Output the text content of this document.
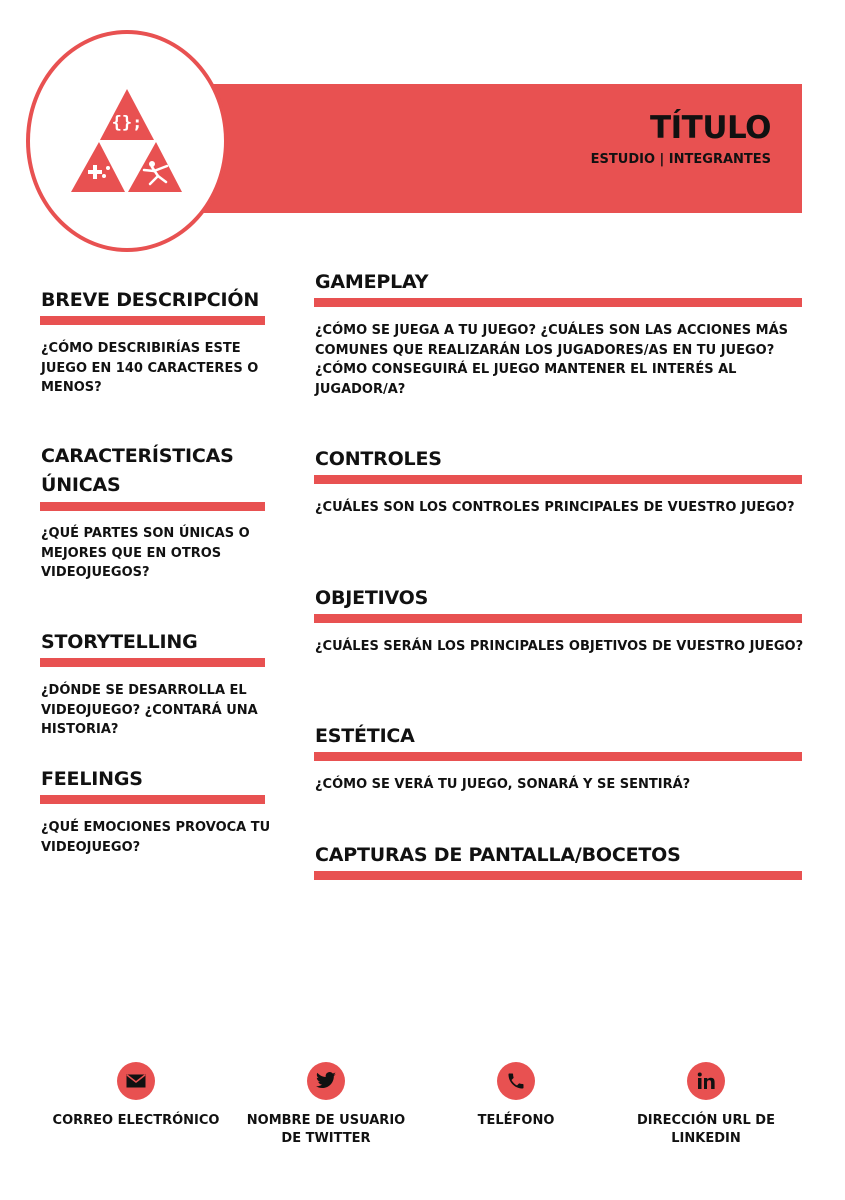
TÍTULO
ESTUDIO | INTEGRANTES
{};
BREVE DESCRIPCIÓN
¿CÓMO DESCRIBIRÍAS ESTE JUEGO EN 140 CARACTERES O MENOS?
CARACTERÍSTICAS ÚNICAS
¿QUÉ PARTES SON ÚNICAS O MEJORES QUE EN OTROS VIDEOJUEGOS?
STORYTELLING
¿DÓNDE SE DESARROLLA EL VIDEOJUEGO? ¿CONTARÁ UNA HISTORIA?
FEELINGS
¿QUÉ EMOCIONES PROVOCA TU VIDEOJUEGO?
GAMEPLAY
¿CÓMO SE JUEGA A TU JUEGO? ¿CUÁLES SON LAS ACCIONES MÁS COMUNES QUE REALIZARÁN LOS JUGADORES/AS EN TU JUEGO? ¿CÓMO CONSEGUIRÁ EL JUEGO MANTENER EL INTERÉS AL JUGADOR/A?
CONTROLES
¿CUÁLES SON LOS CONTROLES PRINCIPALES DE VUESTRO JUEGO?
OBJETIVOS
¿CUÁLES SERÁN LOS PRINCIPALES OBJETIVOS DE VUESTRO JUEGO?
ESTÉTICA
¿CÓMO SE VERÁ TU JUEGO, SONARÁ Y SE SENTIRÁ?
CAPTURAS DE PANTALLA/BOCETOS
CORREO ELECTRÓNICO	NOMBRE DE USUARIO DE TWITTER
TELÉFONO	DIRECCIÓN URL DE LINKEDIN
